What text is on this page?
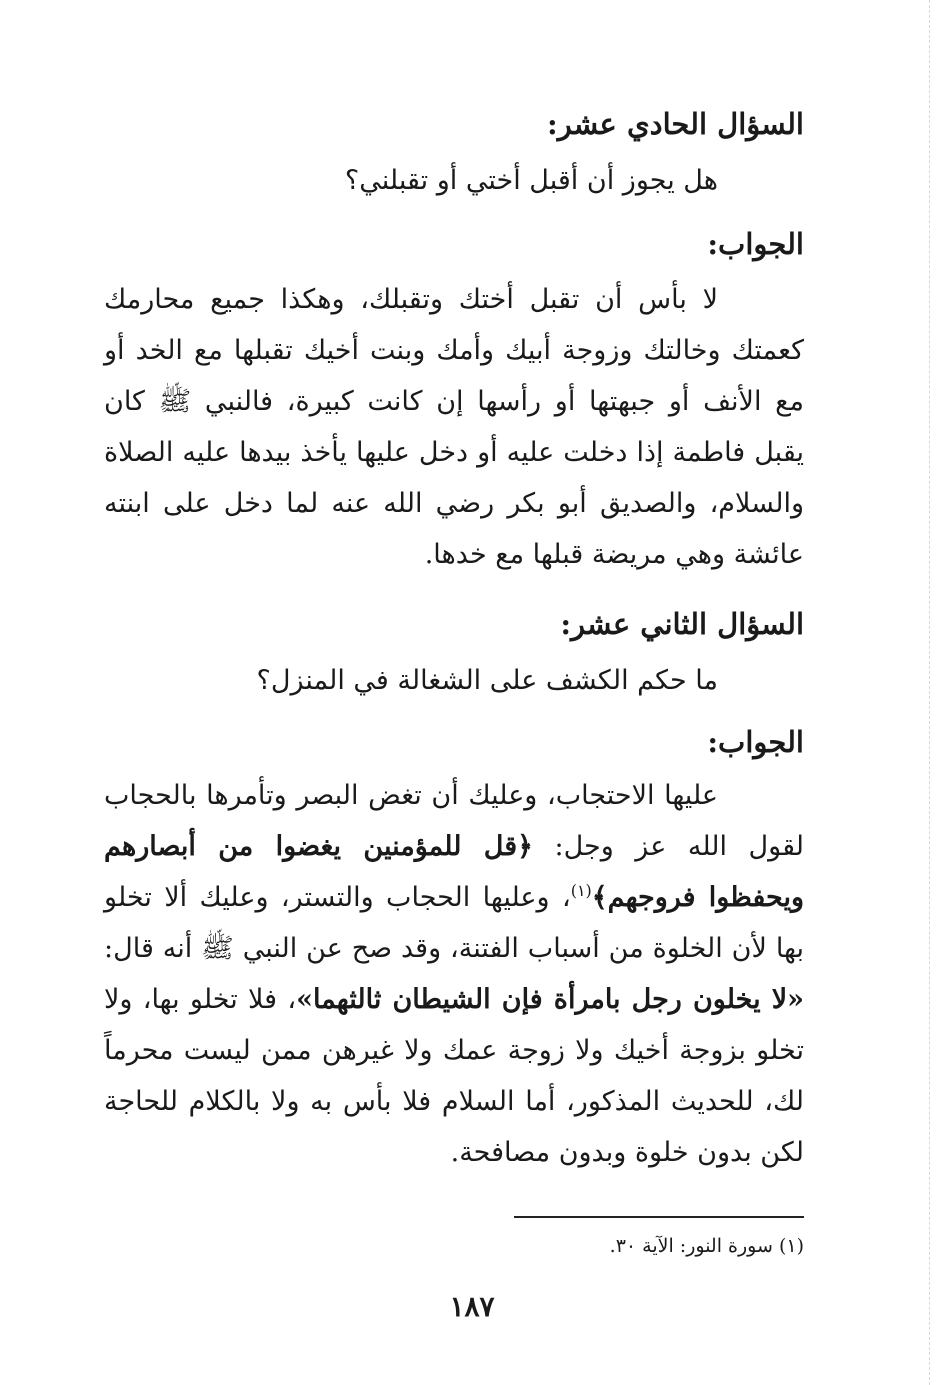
السؤال الحادي عشر:

هل يجوز أن أقبل أختي أو تقبلني؟

الجواب:

لا بأس أن تقبل أختك وتقبلك، وهكذا جميع محارمك كعمتك وخالتك وزوجة أبيك وأمك وبنت أخيك تقبلها مع الخد أو مع الأنف أو جبهتها أو رأسها إن كانت كبيرة، فالنبي ﷺ كان يقبل فاطمة إذا دخلت عليه أو دخل عليها يأخذ بيدها عليه الصلاة والسلام، والصديق أبو بكر رضي الله عنه لما دخل على ابنته عائشة وهي مريضة قبلها مع خدها.

السؤال الثاني عشر:

ما حكم الكشف على الشغالة في المنزل؟

الجواب:

عليها الاحتجاب، وعليك أن تغض البصر وتأمرها بالحجاب لقول الله عز وجل: ﴿قل للمؤمنين يغضوا من أبصارهم ويحفظوا فروجهم﴾$^{(١)}$، وعليها الحجاب والتستر، وعليك ألا تخلو بها لأن الخلوة من أسباب الفتنة، وقد صح عن النبي ﷺ أنه قال: «لا يخلون رجل بامرأة فإن الشيطان ثالثهما»، فلا تخلو بها، ولا تخلو بزوجة أخيك ولا زوجة عمك ولا غيرهن ممن ليست محرماً لك، للحديث المذكور، أما السلام فلا بأس به ولا بالكلام للحاجة لكن بدون خلوة وبدون مصافحة.

(١) سورة النور: الآية ٣٠.
١٨٧
